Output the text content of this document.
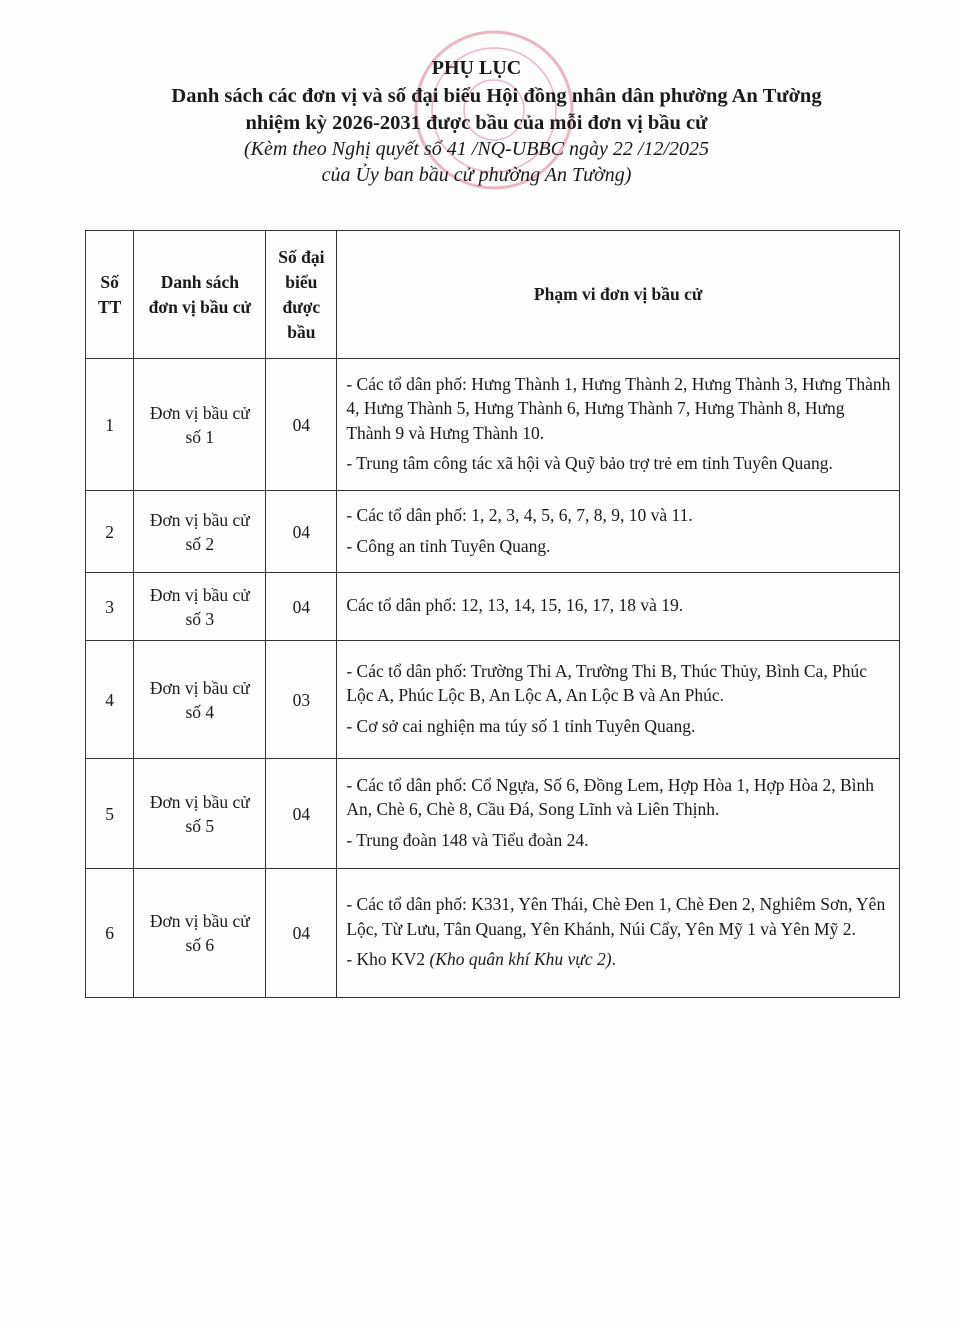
PHỤ LỤC
Danh sách các đơn vị và số đại biểu Hội đồng nhân dân phường An Tường
nhiệm kỳ 2026-2031 được bầu của mỗi đơn vị bầu cử
(Kèm theo Nghị quyết số 41 /NQ-UBBC ngày 22 /12/2025
của Ủy ban bầu cử phường An Tường)
Số TT	Danh sách đơn vị bầu cử	Số đại biểu được bầu	Phạm vi đơn vị bầu cử
1	Đơn vị bầu cử số 1	04	- Các tổ dân phố: Hưng Thành 1, Hưng Thành 2, Hưng Thành 3, Hưng Thành 4, Hưng Thành 5, Hưng Thành 6, Hưng Thành 7, Hưng Thành 8, Hưng Thành 9 và Hưng Thành 10.

- Trung tâm công tác xã hội và Quỹ bảo trợ trẻ em tỉnh Tuyên Quang.

2	Đơn vị bầu cử số 2	04	- Các tổ dân phố: 1, 2, 3, 4, 5, 6, 7, 8, 9, 10 và 11.

- Công an tỉnh Tuyên Quang.

3	Đơn vị bầu cử số 3	04	Các tổ dân phố: 12, 13, 14, 15, 16, 17, 18 và 19.

4	Đơn vị bầu cử số 4	03	- Các tổ dân phố: Trường Thi A, Trường Thi B, Thúc Thủy, Bình Ca, Phúc Lộc A, Phúc Lộc B, An Lộc A, An Lộc B và An Phúc.

- Cơ sở cai nghiện ma túy số 1 tỉnh Tuyên Quang.

5	Đơn vị bầu cử số 5	04	- Các tổ dân phố: Cổ Ngựa, Số 6, Đồng Lem, Hợp Hòa 1, Hợp Hòa 2, Bình An, Chè 6, Chè 8, Cầu Đá, Song Lĩnh và Liên Thịnh.

- Trung đoàn 148 và Tiểu đoàn 24.

6	Đơn vị bầu cử số 6	04	- Các tổ dân phố: K331, Yên Thái, Chè Đen 1, Chè Đen 2, Nghiêm Sơn, Yên Lộc, Từ Lưu, Tân Quang, Yên Khánh, Núi Cẩy, Yên Mỹ 1 và Yên Mỹ 2.

- Kho KV2 (Kho quân khí Khu vực 2).
